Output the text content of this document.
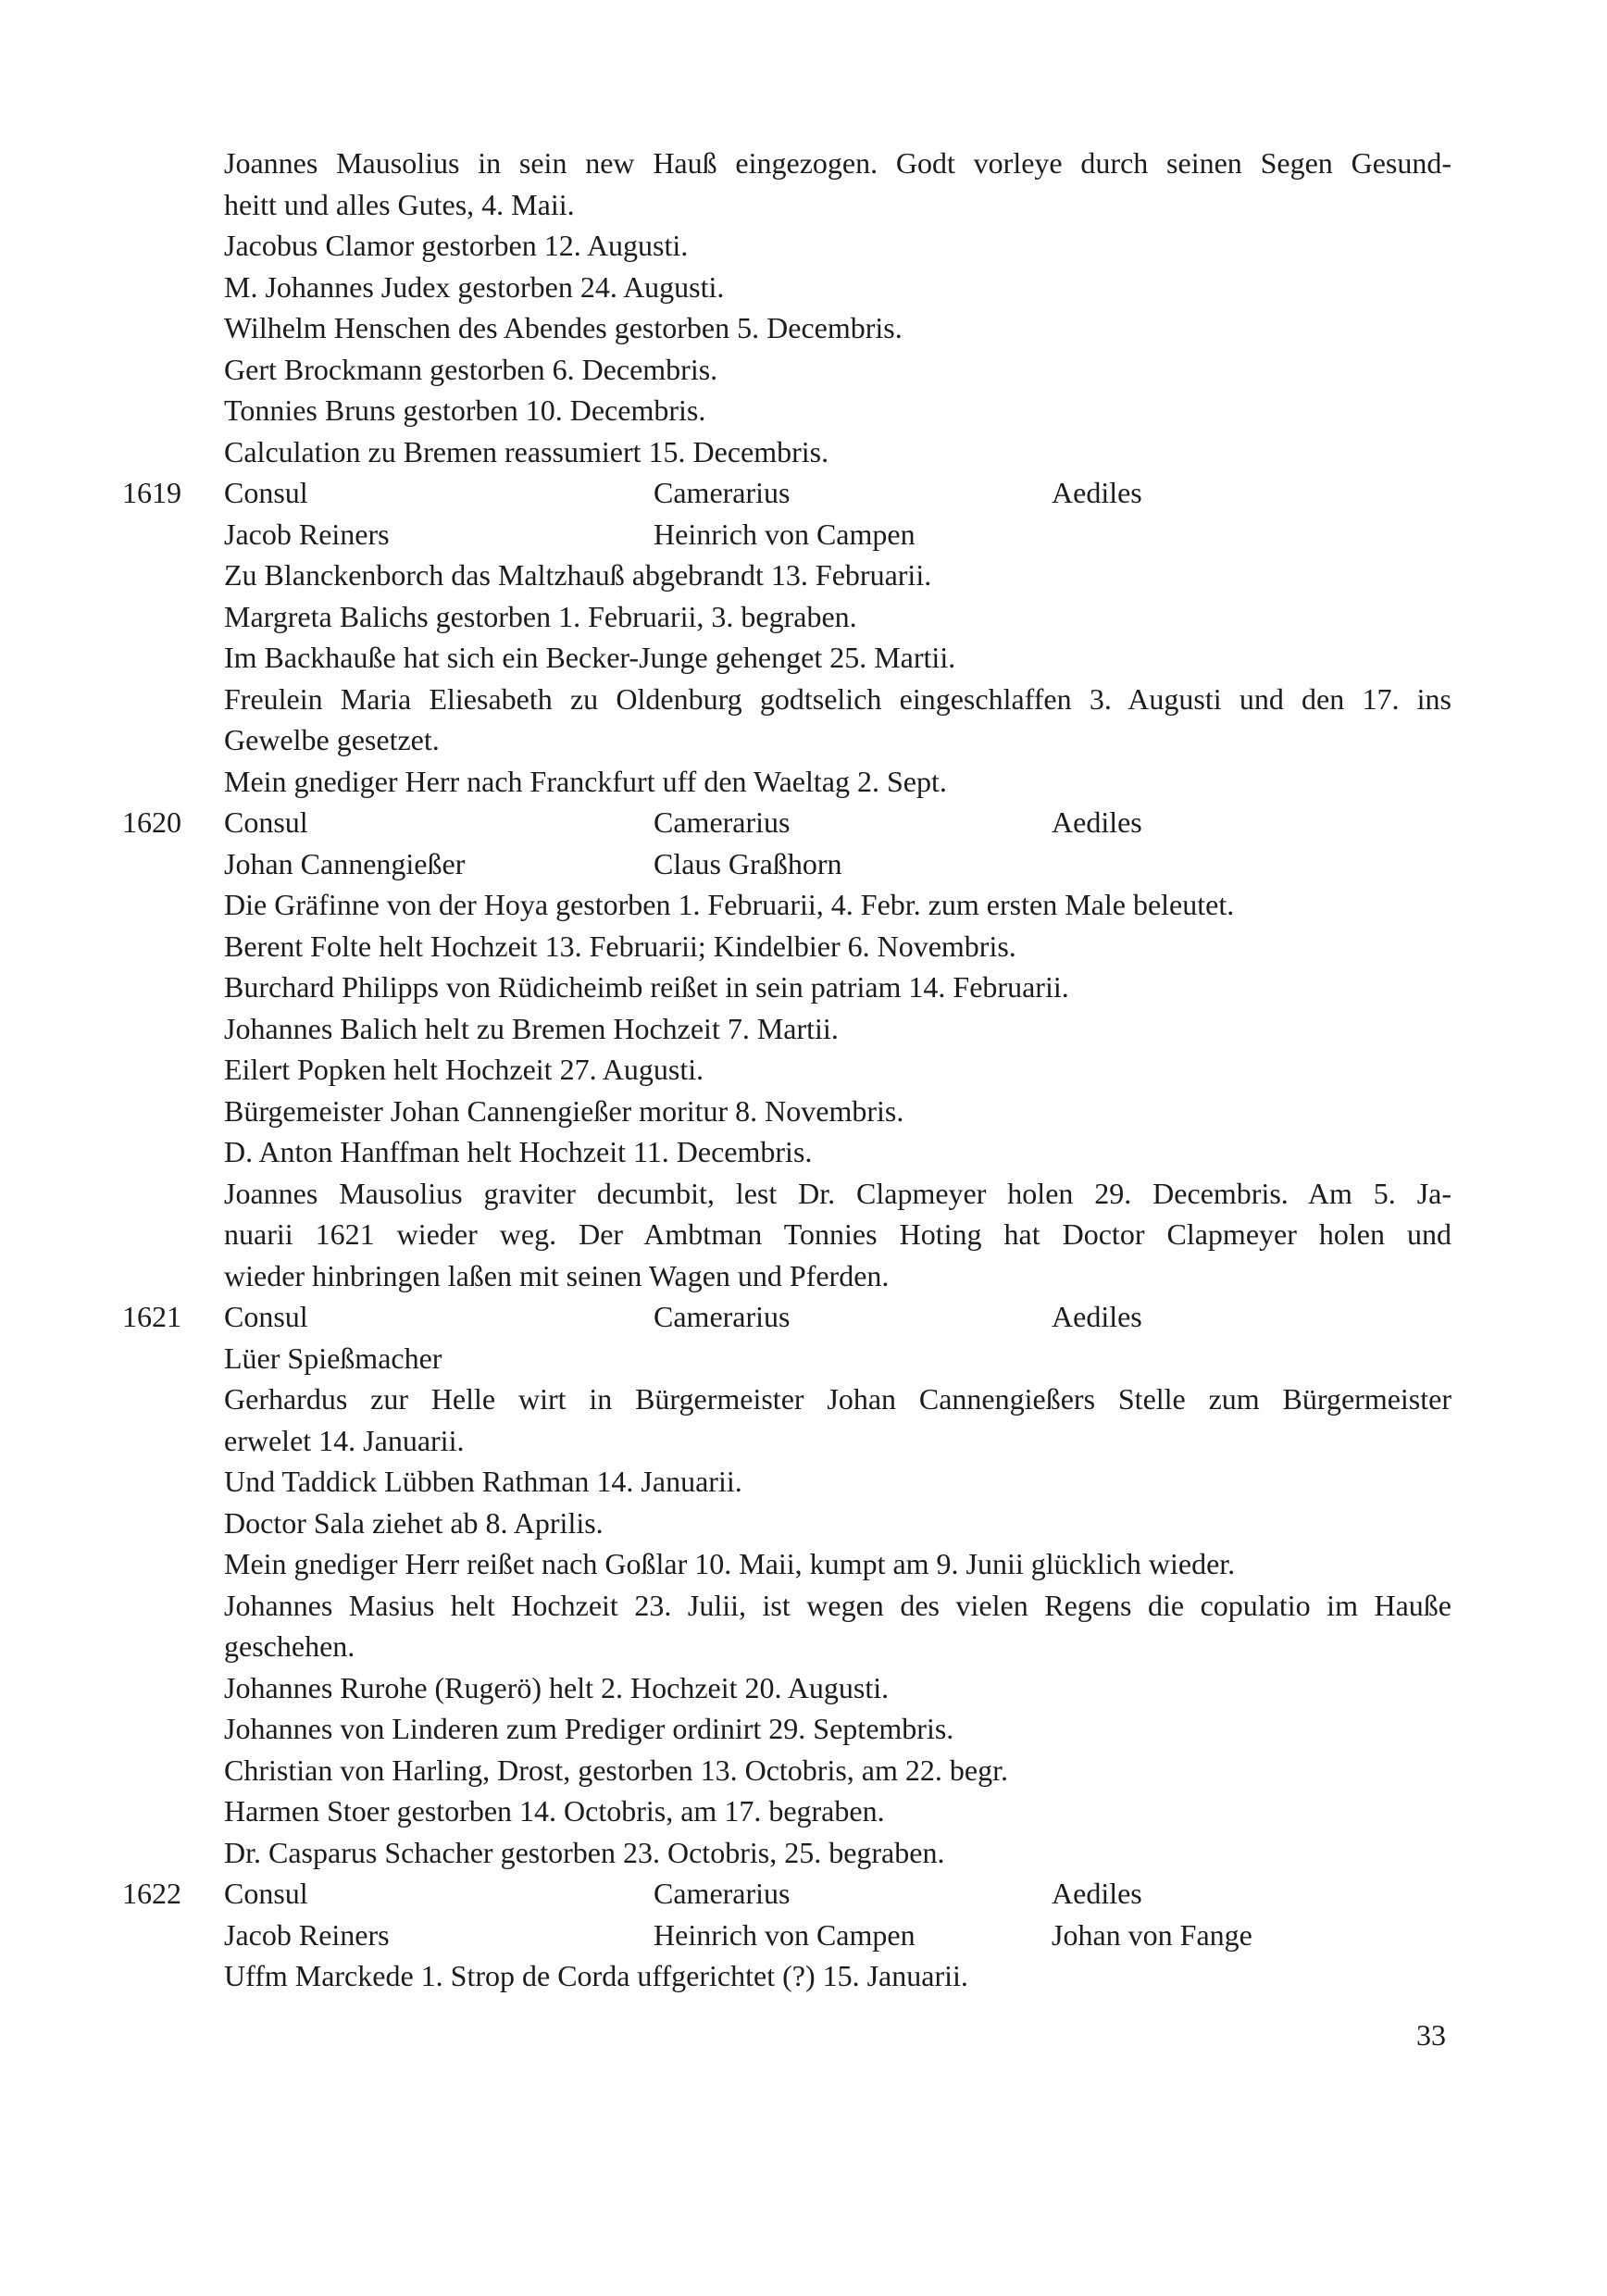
Joannes Mausolius in sein new Hauß eingezogen. Godt vorleye durch seinen Segen Gesund-
heitt und alles Gutes, 4. Maii.
Jacobus Clamor gestorben 12. Augusti.
M. Johannes Judex gestorben 24. Augusti.
Wilhelm Henschen des Abendes gestorben 5. Decembris.
Gert Brockmann gestorben 6. Decembris.
Tonnies Bruns gestorben 10. Decembris.
Calculation zu Bremen reassumiert 15. Decembris.
1619 Consul	Camerarius	Aediles
Jacob Reiners	Heinrich von Campen
Zu Blanckenborch das Maltzhauß abgebrandt 13. Februarii.
Margreta Balichs gestorben 1. Februarii, 3. begraben.
Im Backhauße hat sich ein Becker-Junge gehenget 25. Martii.
Freulein Maria Eliesabeth zu Oldenburg godtselich eingeschlaffen 3. Augusti und den 17. ins
Gewelbe gesetzet.
Mein gnediger Herr nach Franckfurt uff den Waeltag 2. Sept.
1620 Consul	Camerarius	Aediles
Johan Cannengießer	Claus Graßhorn
Die Gräfinne von der Hoya gestorben 1. Februarii, 4. Febr. zum ersten Male beleutet.
Berent Folte helt Hochzeit 13. Februarii; Kindelbier 6. Novembris.
Burchard Philipps von Rüdicheimb reißet in sein patriam 14. Februarii.
Johannes Balich helt zu Bremen Hochzeit 7. Martii.
Eilert Popken helt Hochzeit 27. Augusti.
Bürgemeister Johan Cannengießer moritur 8. Novembris.
D. Anton Hanffman helt Hochzeit 11. Decembris.
Joannes Mausolius graviter decumbit, lest Dr. Clapmeyer holen 29. Decembris. Am 5. Ja-
nuarii 1621 wieder weg. Der Ambtman Tonnies Hoting hat Doctor Clapmeyer holen und
wieder hinbringen laßen mit seinen Wagen und Pferden.
1621 Consul	Camerarius	Aediles
Lüer Spießmacher
Gerhardus zur Helle wirt in Bürgermeister Johan Cannengießers Stelle zum Bürgermeister
erwelet 14. Januarii.
Und Taddick Lübben Rathman 14. Januarii.
Doctor Sala ziehet ab 8. Aprilis.
Mein gnediger Herr reißet nach Goßlar 10. Maii, kumpt am 9. Junii glücklich wieder.
Johannes Masius helt Hochzeit 23. Julii, ist wegen des vielen Regens die copulatio im Hauße
geschehen.
Johannes Rurohe (Rugerö) helt 2. Hochzeit 20. Augusti.
Johannes von Linderen zum Prediger ordinirt 29. Septembris.
Christian von Harling, Drost, gestorben 13. Octobris, am 22. begr.
Harmen Stoer gestorben 14. Octobris, am 17. begraben.
Dr. Casparus Schacher gestorben 23. Octobris, 25. begraben.
1622 Consul	Camerarius	Aediles
Jacob Reiners	Heinrich von Campen	Johan von Fange
Uffm Marckede 1. Strop de Corda uffgerichtet (?) 15. Januarii.
33
